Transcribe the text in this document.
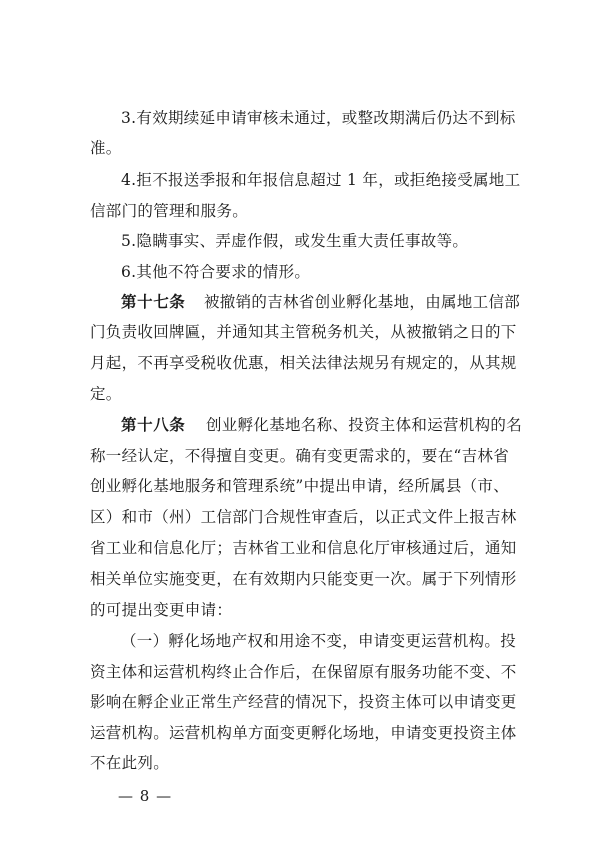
3.有效期续延申请审核未通过，或整改期满后仍达不到标
准。
4.拒不报送季报和年报信息超过 1 年，或拒绝接受属地工
信部门的管理和服务。
5.隐瞒事实、弄虚作假，或发生重大责任事故等。
6.其他不符合要求的情形。
第十七条 被撤销的吉林省创业孵化基地，由属地工信部
门负责收回牌匾，并通知其主管税务机关，从被撤销之日的下
月起，不再享受税收优惠，相关法律法规另有规定的，从其规
定。
第十八条 创业孵化基地名称、投资主体和运营机构的名
称一经认定，不得擅自变更。确有变更需求的，要在“吉林省
创业孵化基地服务和管理系统”中提出申请，经所属县（市、
区）和市（州）工信部门合规性审查后，以正式文件上报吉林
省工业和信息化厅；吉林省工业和信息化厅审核通过后，通知
相关单位实施变更，在有效期内只能变更一次。属于下列情形
的可提出变更申请：
（一）孵化场地产权和用途不变，申请变更运营机构。投
资主体和运营机构终止合作后，在保留原有服务功能不变、不
影响在孵企业正常生产经营的情况下，投资主体可以申请变更
运营机构。运营机构单方面变更孵化场地，申请变更投资主体
不在此列。
— 8 —
